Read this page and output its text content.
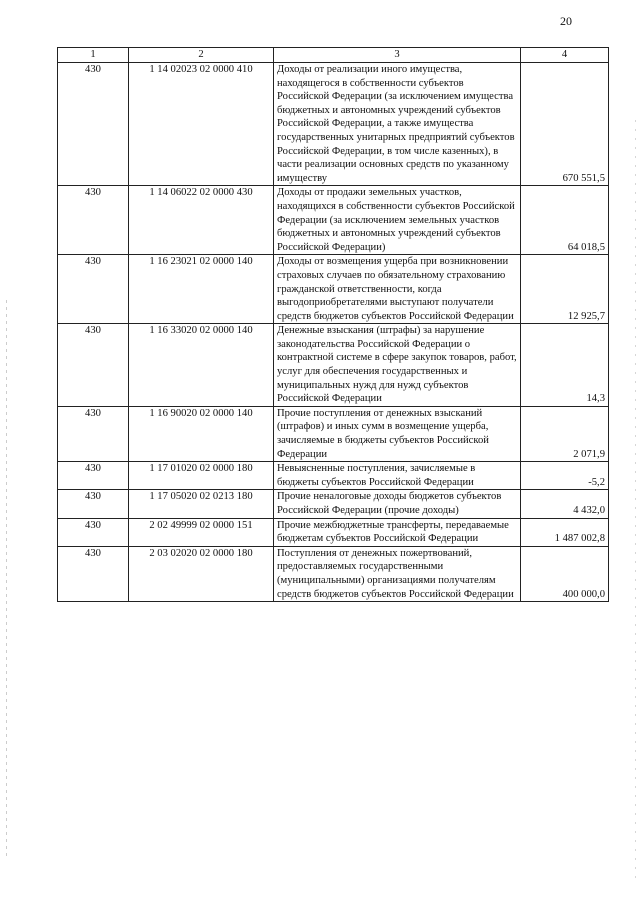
20
1	2	3	4
430	1 14 02023 02 0000 410	Доходы от реализации иного имущества, находящегося в собственности субъектов Российской Федерации (за исключением имущества бюджетных и автономных учреждений субъектов Российской Федерации, а также имущества государственных унитарных предприятий субъектов Российской Федерации, в том числе казенных), в части реализации основных средств по указанному имуществу	670 551,5
430	1 14 06022 02 0000 430	Доходы от продажи земельных участков, находящихся в собственности субъектов Российской Федерации (за исключением земельных участков бюджетных и автономных учреждений субъектов Российской Федерации)	64 018,5
430	1 16 23021 02 0000 140	Доходы от возмещения ущерба при возникновении страховых случаев по обязательному страхованию гражданской ответственности, когда выгодоприобретателями выступают получатели средств бюджетов субъектов Российской Федерации	12 925,7
430	1 16 33020 02 0000 140	Денежные взыскания (штрафы) за нарушение законодательства Российской Федерации о контрактной системе в сфере закупок товаров, работ, услуг для обеспечения государственных и муниципальных нужд для нужд субъектов Российской Федерации	14,3
430	1 16 90020 02 0000 140	Прочие поступления от денежных взысканий (штрафов) и иных сумм в возмещение ущерба, зачисляемые в бюджеты субъектов Российской Федерации	2 071,9
430	1 17 01020 02 0000 180	Невыясненные поступления, зачисляемые в бюджеты субъектов Российской Федерации	-5,2
430	1 17 05020 02 0213 180	Прочие неналоговые доходы бюджетов субъектов Российской Федерации (прочие доходы)	4 432,0
430	2 02 49999 02 0000 151	Прочие межбюджетные трансферты, передаваемые бюджетам субъектов Российской Федерации	1 487 002,8
430	2 03 02020 02 0000 180	Поступления от денежных пожертвований, предоставляемых государственными (муниципальными) организациями получателям средств бюджетов субъектов Российской Федерации	400 000,0
